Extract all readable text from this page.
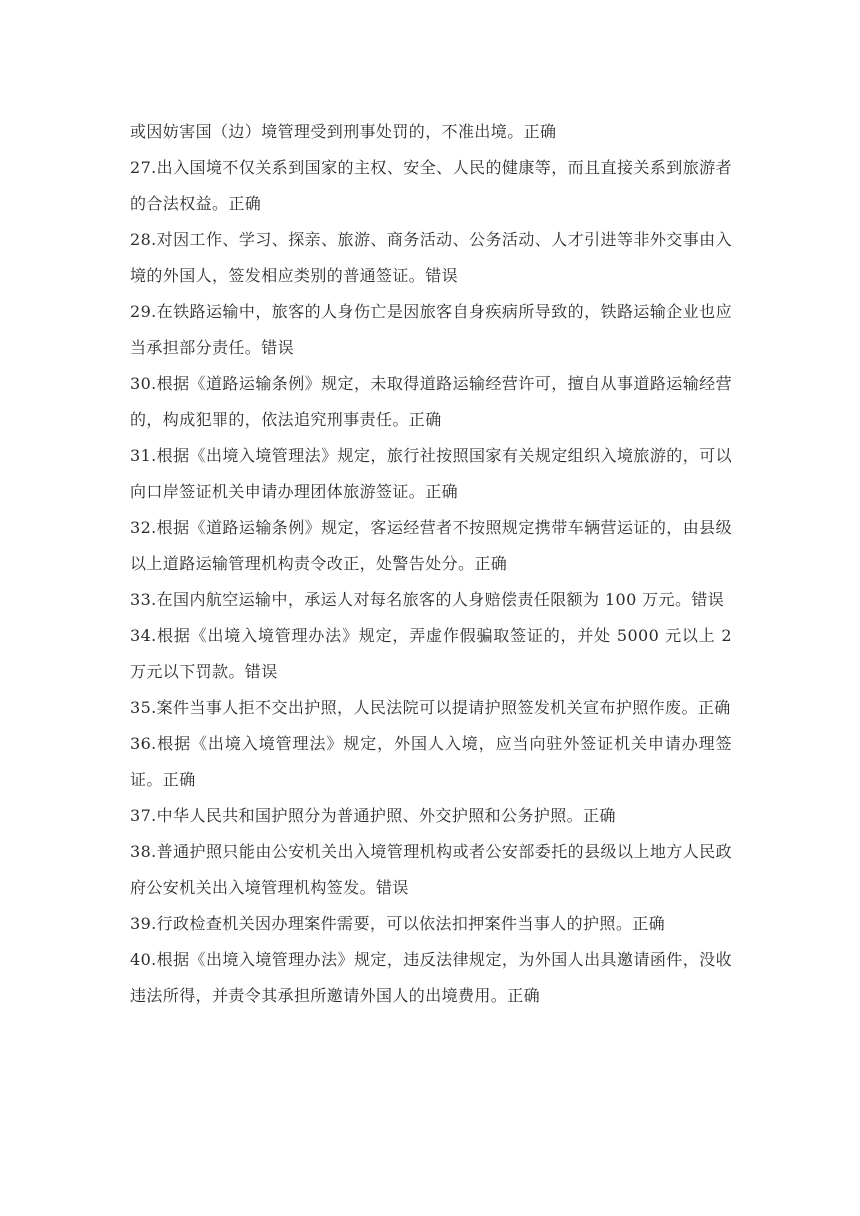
或因妨害国（边）境管理受到刑事处罚的，不准出境。正确

27.出入国境不仅关系到国家的主权、安全、人民的健康等，而且直接关系到旅游者的合法权益。正确

28.对因工作、学习、探亲、旅游、商务活动、公务活动、人才引进等非外交事由入境的外国人，签发相应类别的普通签证。错误

29.在铁路运输中，旅客的人身伤亡是因旅客自身疾病所导致的，铁路运输企业也应当承担部分责任。错误

30.根据《道路运输条例》规定，未取得道路运输经营许可，擅自从事道路运输经营的，构成犯罪的，依法追究刑事责任。正确

31.根据《出境入境管理法》规定，旅行社按照国家有关规定组织入境旅游的，可以向口岸签证机关申请办理团体旅游签证。正确

32.根据《道路运输条例》规定，客运经营者不按照规定携带车辆营运证的，由县级以上道路运输管理机构责令改正，处警告处分。正确

33.在国内航空运输中，承运人对每名旅客的人身赔偿责任限额为 100 万元。错误

34.根据《出境入境管理办法》规定，弄虚作假骗取签证的，并处 5000 元以上 2 万元以下罚款。错误

35.案件当事人拒不交出护照，人民法院可以提请护照签发机关宣布护照作废。正确

36.根据《出境入境管理法》规定，外国人入境，应当向驻外签证机关申请办理签证。正确

37.中华人民共和国护照分为普通护照、外交护照和公务护照。正确

38.普通护照只能由公安机关出入境管理机构或者公安部委托的县级以上地方人民政府公安机关出入境管理机构签发。错误

39.行政检查机关因办理案件需要，可以依法扣押案件当事人的护照。正确

40.根据《出境入境管理办法》规定，违反法律规定，为外国人出具邀请函件，没收违法所得，并责令其承担所邀请外国人的出境费用。正确
